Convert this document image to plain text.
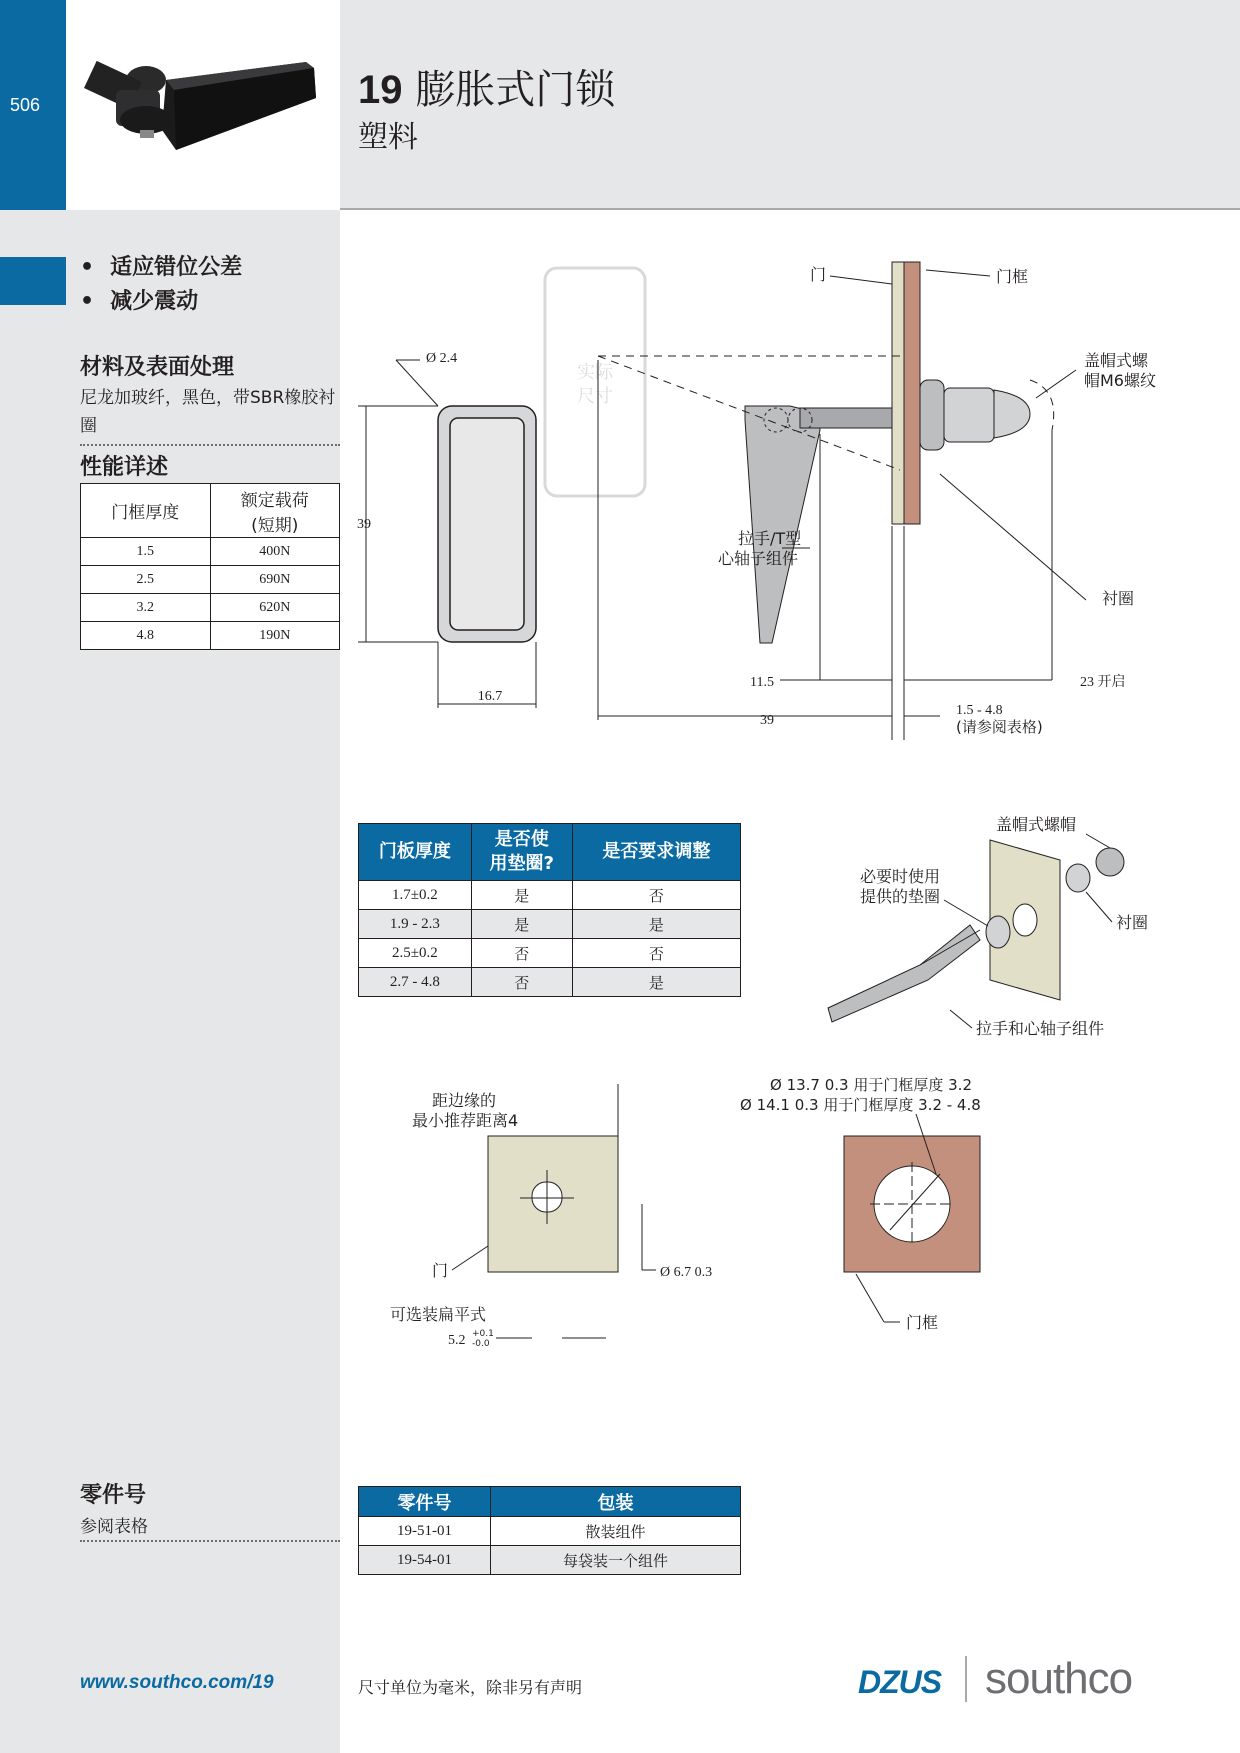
506	19 膨胀式门锁
塑料
• 适应错位公差
• 减少震动
材料及表面处理
尼龙加玻纤，黑色，带SBR橡胶衬圈
性能详述
门框厚度	额定载荷
(短期)
1.5	400N
2.5	690N
3.2	620N
4.8	190N
实际
尺寸
Ø 2.4
39
16.7
门	门框
盖帽式螺
帽M6螺纹
拉手/T型
心轴子组件
衬圈
11.5	23 开启
39
1.5 - 4.8
(请参阅表格)
门板厚度	是否使
用垫圈?	是否要求调整
1.7±0.2	是	否
1.9 - 2.3	是	是
2.5±0.2	否	否
2.7 - 4.8	否	是
盖帽式螺帽
必要时使用
提供的垫圈
衬圈
拉手和心轴子组件
距边缘的
最小推荐距离4
门	Ø 6.7 0.3
可选装扁平式
5.2 +0.1
-0.0
Ø 13.7 0.3 用于门框厚度 3.2
Ø 14.1 0.3 用于门框厚度 3.2 - 4.8
门框
零件号
参阅表格
零件号	包装
19-51-01	散装组件
19-54-01	每袋装一个组件
www.southco.com/19	尺寸单位为毫米，除非另有声明	DZUS southco
